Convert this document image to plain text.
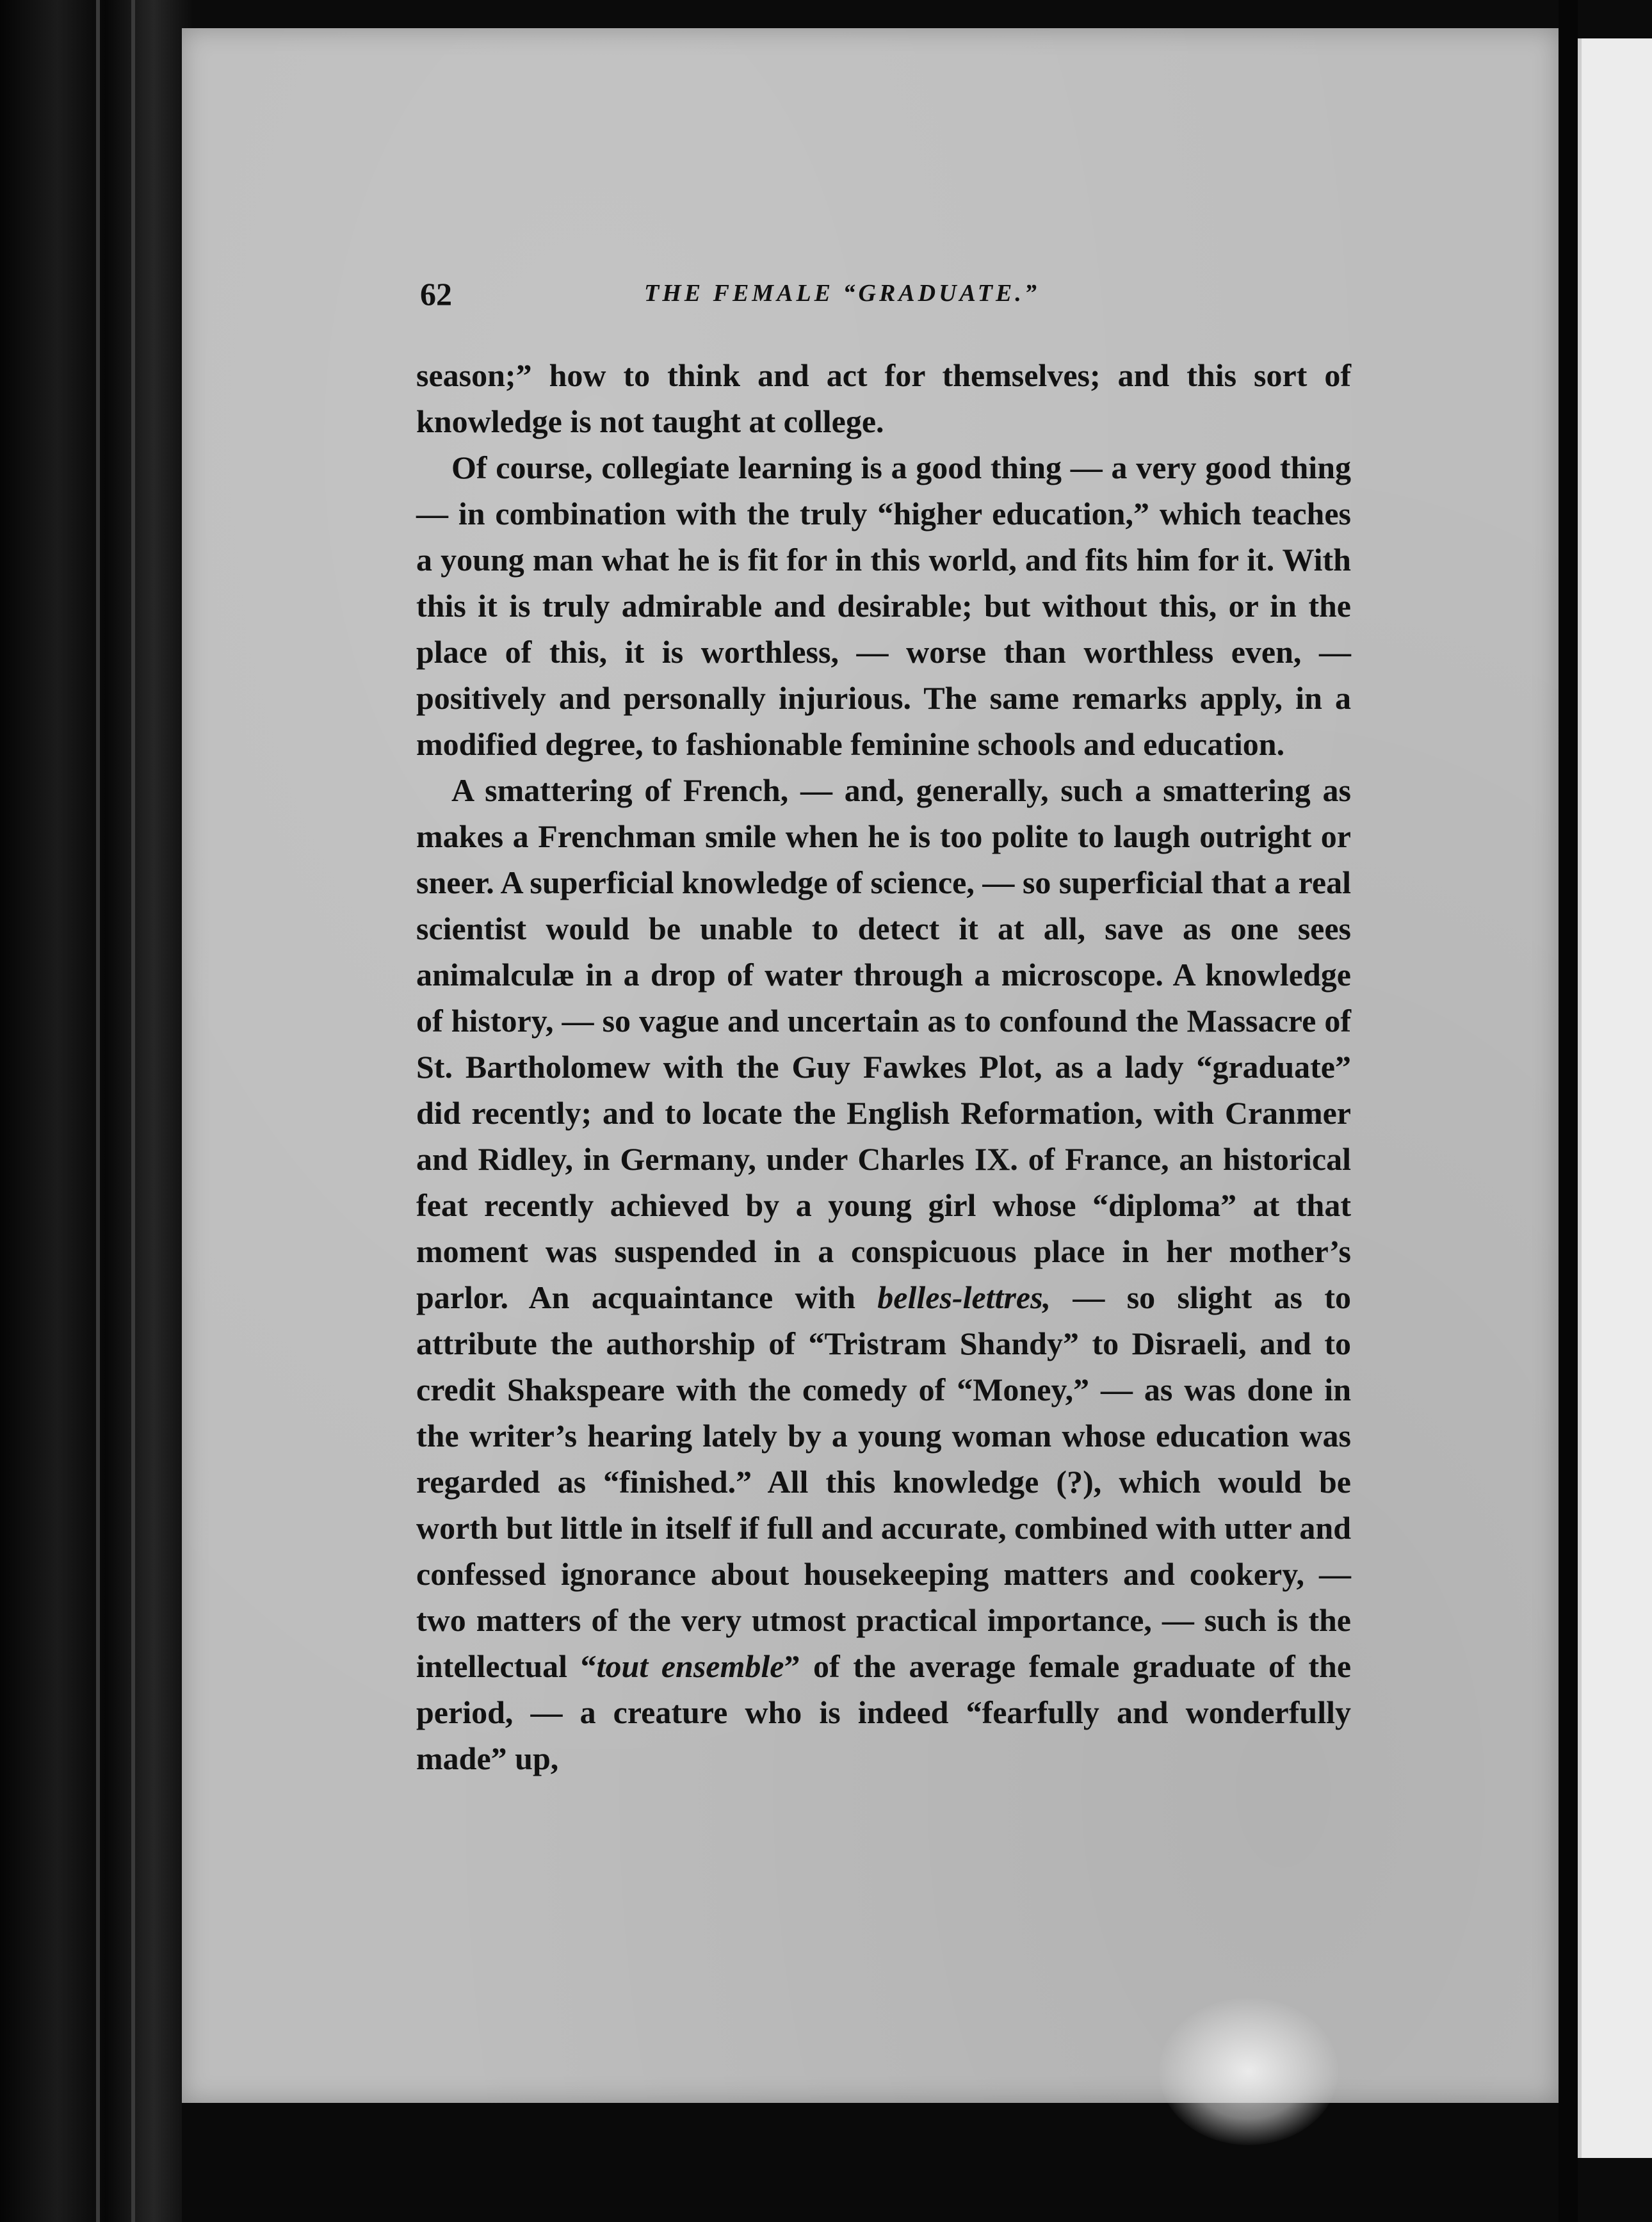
62	THE FEMALE “GRADUATE.”

season;” how to think and act for themselves; and this sort of knowledge is not taught at college.

Of course, collegiate learning is a good thing — a very good thing — in combination with the truly “higher education,” which teaches a young man what he is fit for in this world, and fits him for it. With this it is truly admirable and desirable; but without this, or in the place of this, it is worthless, — worse than worthless even, — positively and personally injurious. The same remarks apply, in a modified degree, to fashionable feminine schools and education.

A smattering of French, — and, generally, such a smattering as makes a Frenchman smile when he is too polite to laugh outright or sneer. A superficial knowledge of science, — so superficial that a real scientist would be unable to detect it at all, save as one sees animalculæ in a drop of water through a microscope. A knowledge of history, — so vague and uncertain as to confound the Massacre of St. Bartholomew with the Guy Fawkes Plot, as a lady “graduate” did recently; and to locate the English Reformation, with Cranmer and Ridley, in Germany, under Charles IX. of France, an historical feat recently achieved by a young girl whose “diploma” at that moment was suspended in a conspicuous place in her mother’s parlor. An acquaintance with belles-lettres, — so slight as to attribute the authorship of “Tristram Shandy” to Disraeli, and to credit Shakspeare with the comedy of “Money,” — as was done in the writer’s hearing lately by a young woman whose education was regarded as “finished.” All this knowledge (?), which would be worth but little in itself if full and accurate, combined with utter and confessed ignorance about housekeeping matters and cookery, — two matters of the very utmost practical importance, — such is the intellectual “tout ensemble” of the average female graduate of the period, — a creature who is indeed “fearfully and wonderfully made” up,
